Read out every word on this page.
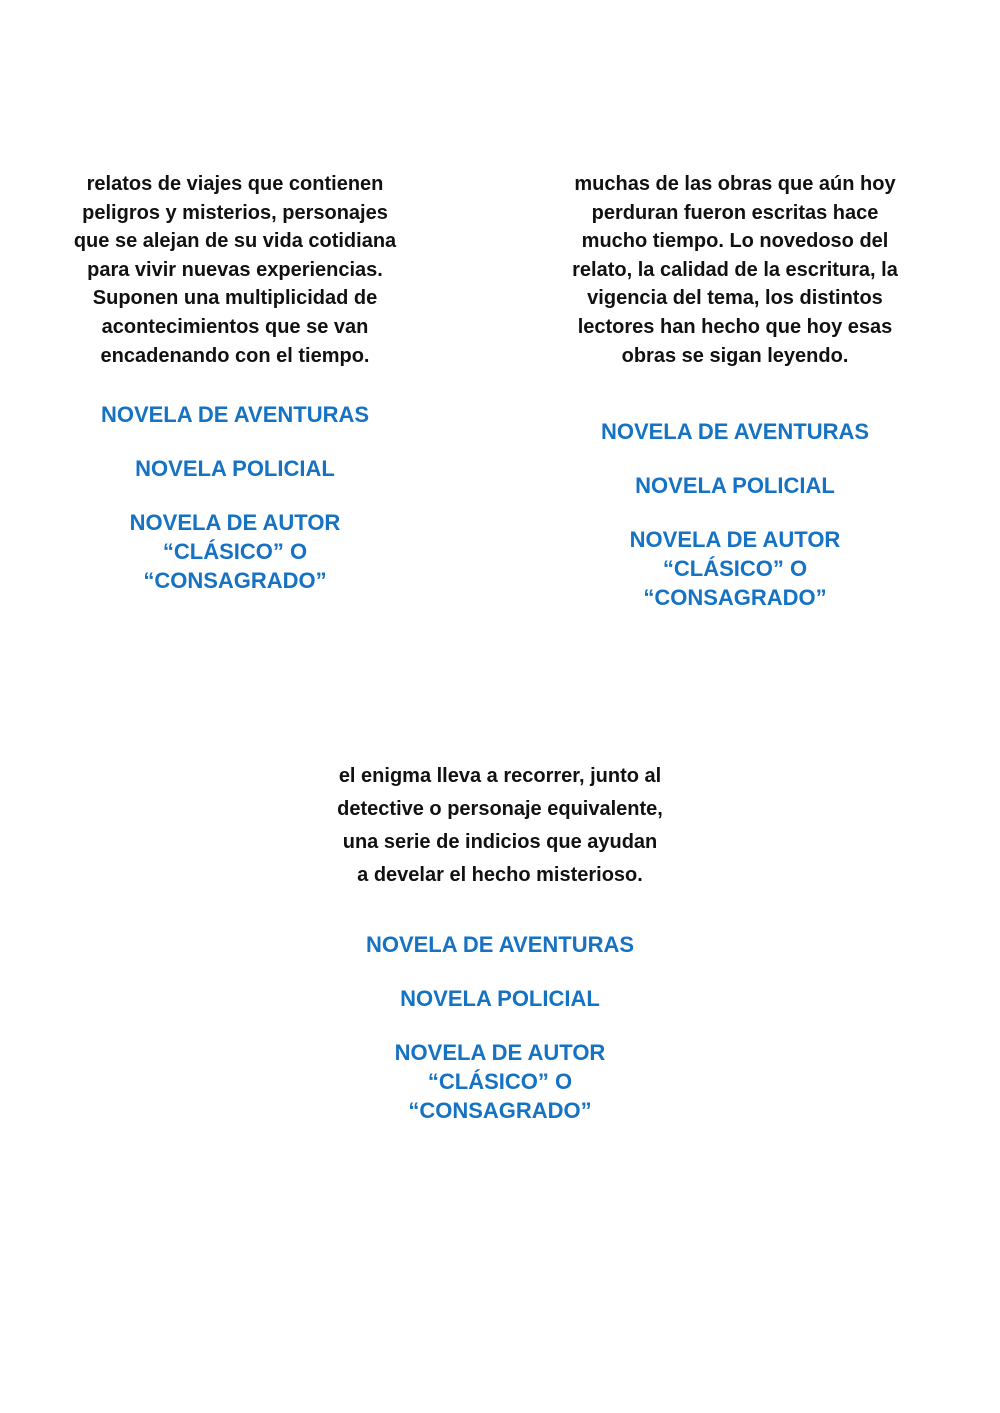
relatos de viajes que contienen peligros y misterios, personajes que se alejan de su vida cotidiana para vivir nuevas experiencias. Suponen una multiplicidad de acontecimientos que se van encadenando con el tiempo.

NOVELA DE AVENTURAS
NOVELA POLICIAL
NOVELA DE AUTOR “CLÁSICO” O “CONSAGRADO”

muchas de las obras que aún hoy perduran fueron escritas hace mucho tiempo. Lo novedoso del relato, la calidad de la escritura, la vigencia del tema, los distintos lectores han hecho que hoy esas obras se sigan leyendo.

NOVELA DE AVENTURAS
NOVELA POLICIAL
NOVELA DE AUTOR “CLÁSICO” O “CONSAGRADO”

el enigma lleva a recorrer, junto al detective o personaje equivalente, una serie de indicios que ayudan a develar el hecho misterioso.

NOVELA DE AVENTURAS
NOVELA POLICIAL
NOVELA DE AUTOR “CLÁSICO” O “CONSAGRADO”
